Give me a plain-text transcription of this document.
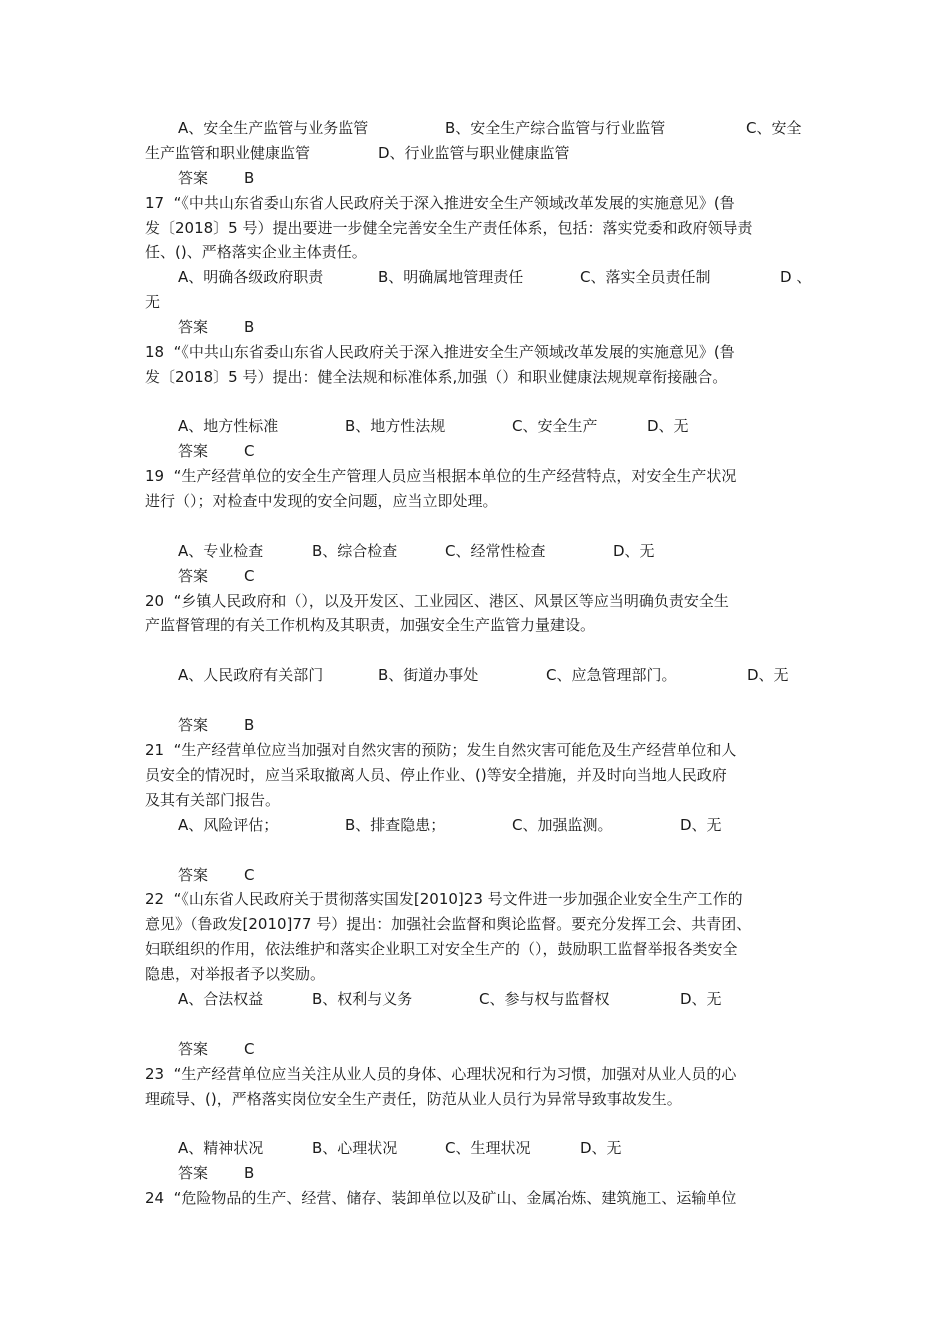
A、安全生产监管与业务监管	B、安全生产综合监管与行业监管	C、安全
生产监管和职业健康监管	D、行业监管与职业健康监管
答案 B
17  “《中共山东省委山东省人民政府关于深入推进安全生产领域改革发展的实施意见》(鲁
发〔2018〕5 号）提出要进一步健全完善安全生产责任体系，包括：落实党委和政府领导责
任、()、严格落实企业主体责任。
A、明确各级政府职责	B、明确属地管理责任	C、落实全员责任制	D 、
无
答案 B
18  “《中共山东省委山东省人民政府关于深入推进安全生产领域改革发展的实施意见》(鲁
发〔2018〕5 号）提出：健全法规和标准体系,加强（）和职业健康法规规章衔接融合。
A、地方性标准	B、地方性法规	C、安全生产	D、无
答案 C
19  “生产经营单位的安全生产管理人员应当根据本单位的生产经营特点，对安全生产状况
进行（）；对检查中发现的安全问题，应当立即处理。
A、专业检查	B、综合检查	C、经常性检查	D、无
答案 C
20  “乡镇人民政府和（），以及开发区、工业园区、港区、风景区等应当明确负责安全生
产监督管理的有关工作机构及其职责，加强安全生产监管力量建设。
A、人民政府有关部门	B、街道办事处	C、应急管理部门。	D、无
答案 B
21  “生产经营单位应当加强对自然灾害的预防；发生自然灾害可能危及生产经营单位和人
员安全的情况时，应当采取撤离人员、停止作业、()等安全措施，并及时向当地人民政府
及其有关部门报告。
A、风险评估；	B、排查隐患；	C、加强监测。	D、无
答案 C
22  “《山东省人民政府关于贯彻落实国发[2010]23 号文件进一步加强企业安全生产工作的
意见》（鲁政发[2010]77 号）提出：加强社会监督和舆论监督。要充分发挥工会、共青团、
妇联组织的作用，依法维护和落实企业职工对安全生产的（），鼓励职工监督举报各类安全
隐患，对举报者予以奖励。
A、合法权益	B、权利与义务	C、参与权与监督权	D、无
答案 C
23  “生产经营单位应当关注从业人员的身体、心理状况和行为习惯，加强对从业人员的心
理疏导、()，严格落实岗位安全生产责任，防范从业人员行为异常导致事故发生。
A、精神状况	B、心理状况	C、生理状况	D、无
答案 B
24  “危险物品的生产、经营、储存、装卸单位以及矿山、金属冶炼、建筑施工、运输单位
